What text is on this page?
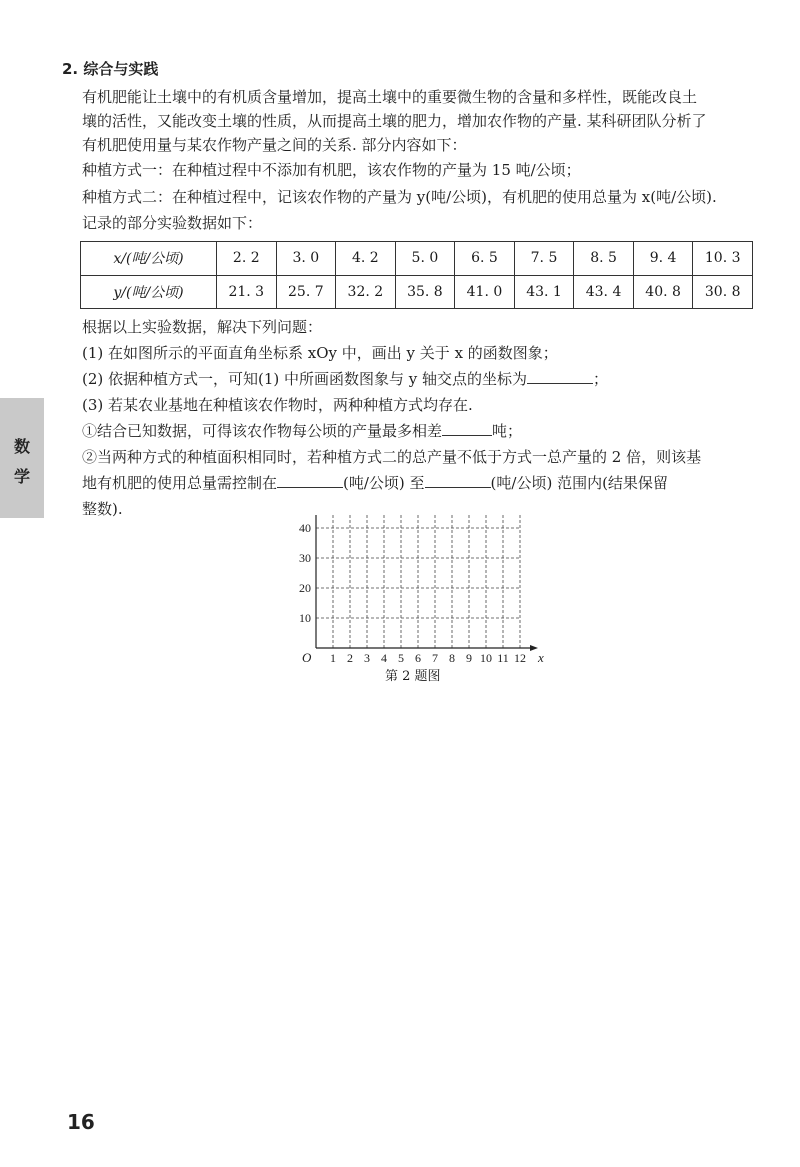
2. 综合与实践

有机肥能让土壤中的有机质含量增加，提高土壤中的重要微生物的含量和多样性，既能改良土

壤的活性，又能改变土壤的性质，从而提高土壤的肥力，增加农作物的产量. 某科研团队分析了

有机肥使用量与某农作物产量之间的关系. 部分内容如下：

种植方式一：在种植过程中不添加有机肥，该农作物的产量为 15 吨/公顷；

种植方式二：在种植过程中，记该农作物的产量为 y(吨/公顷)，有机肥的使用总量为 x(吨/公顷).

记录的部分实验数据如下：

x/(吨/公顷)	2. 2	3. 0	4. 2	5. 0	6. 5	7. 5	8. 5	9. 4	10. 3
y/(吨/公顷)	21. 3	25. 7	32. 2	35. 8	41. 0	43. 1	43. 4	40. 8	30. 8

根据以上实验数据，解决下列问题：

(1) 在如图所示的平面直角坐标系 xOy 中，画出 y 关于 x 的函数图象；

(2) 依据种植方式一，可知(1) 中所画函数图象与 y 轴交点的坐标为	；

(3) 若某农业基地在种植该农作物时，两种种植方式均存在.

①结合已知数据，可得该农作物每公顷的产量最多相差	吨；

②当两种方式的种植面积相同时，若种植方式二的总产量不低于方式一总产量的 2 倍，则该基

地有机肥的使用总量需控制在	(吨/公顷) 至	(吨/公顷) 范围内(结果保留

整数).

1 2 3 4 5 6 7 8 9 10 11 12
10
20
30
40
O	x

第 2 题图

数
学

16
